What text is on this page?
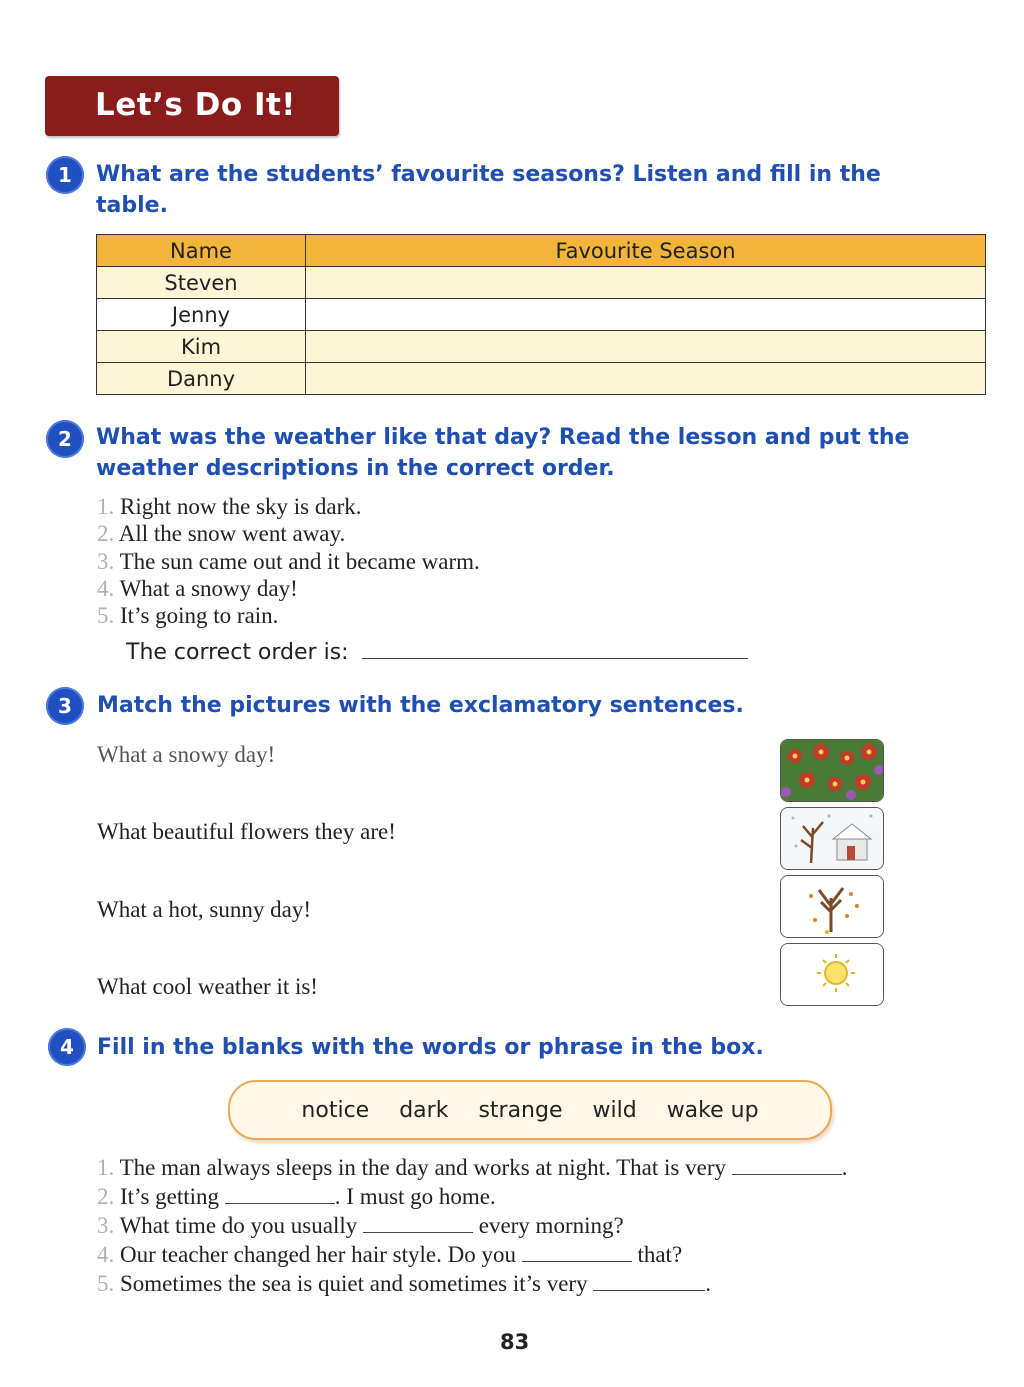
Let’s Do It!
1	What are the students’ favourite seasons? Listen and fill in the
table.
Name	Favourite Season
Steven	
Jenny	
Kim	
Danny	
2	What was the weather like that day? Read the lesson and put the
weather descriptions in the correct order.
1. Right now the sky is dark.
2. All the snow went away.
3. The sun came out and it became warm.
4. What a snowy day!
5. It’s going to rain.
The correct order is:
3	Match the pictures with the exclamatory sentences.
What a snowy day!
What beautiful flowers they are!
What a hot, sunny day!
What cool weather it is!
4	Fill in the blanks with the words or phrase in the box.
notice dark strange wild wake up
1. The man always sleeps in the day and works at night. That is very	.
2. It’s getting	. I must go home.
3. What time do you usually	every morning?
4. Our teacher changed her hair style. Do you	that?
5. Sometimes the sea is quiet and sometimes it’s very	.
83
